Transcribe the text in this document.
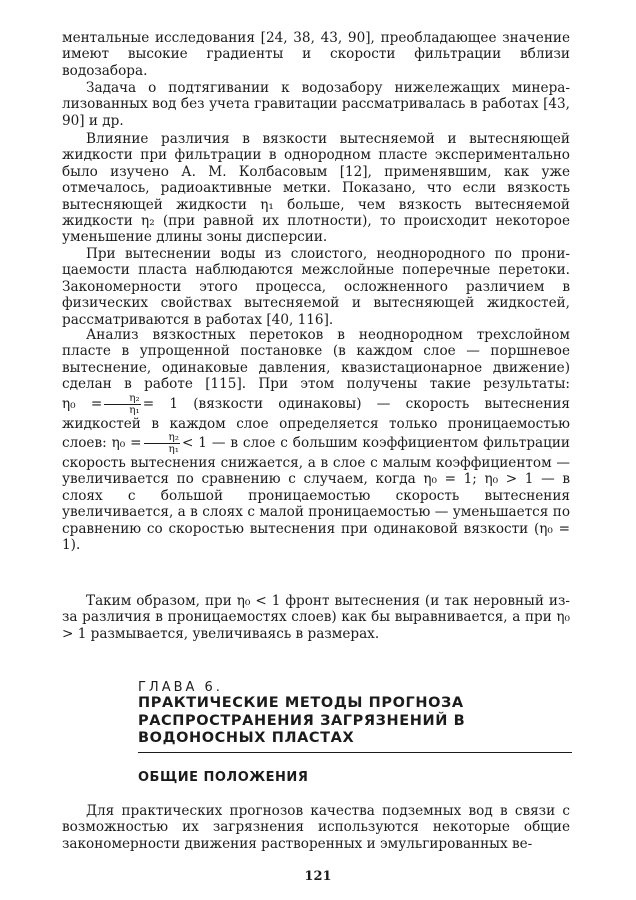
ментальные исследования [24, 38, 43, 90], преобладающее значение имеют высокие градиенты и скорости фильтрации вблизи водозабора.

Задача о подтягивании к водозабору нижележащих минерализованных вод без учета гравитации рассматривалась в работах [43, 90] и др.

Влияние различия в вязкости вытесняемой и вытесняющей жидкости при фильтрации в однородном пласте экспериментально было изучено А. М. Колбасовым [12], применявшим, как уже отмечалось, радиоактивные метки. Показано, что если вязкость вытесняющей жидкости η₁ больше, чем вязкость вытесняемой жидкости η₂ (при равной их плотности), то происходит некоторое уменьшение длины зоны дисперсии.

При вытеснении воды из слоистого, неоднородного по проницаемости пласта наблюдаются межслойные поперечные перетоки. Закономерности этого процесса, осложненного различием в физических свойствах вытесняемой и вытесняющей жидкостей, рассматриваются в работах [40, 116].

Анализ вязкостных перетоков в неоднородном трехслойном пласте в упрощенной постановке (в каждом слое — поршневое вытеснение, одинаковые давления, квазистационарное движение) сделан в работе [115]. При этом получены такие результаты: $\eta_0 = \frac{\text{η₂}}{\text{η₁}} = 1$ (вязкости одинаковы) — скорость вытеснения жидкостей в каждом слое определяется только проницаемостью слоев: $\eta_0 = \frac{\text{η₂}}{\text{η₁}} < 1$ — в слое с большим коэффициентом фильтрации скорость вытеснения снижается, а в слое с малым коэффициентом — увеличивается по сравнению с случаем, когда η₀ = 1; η₀ > 1 — в слоях с большой проницаемостью скорость вытеснения увеличивается, а в слоях с малой проницаемостью — уменьшается по сравнению со скоростью вытеснения при одинаковой вязкости (η₀ = 1).

Таким образом, при η₀ < 1 фронт вытеснения (и так неровный из-за различия в проницаемостях слоев) как бы выравнивается, а при η₀ > 1 размывается, увеличиваясь в размерах.

ГЛАВА 6.
ПРАКТИЧЕСКИЕ МЕТОДЫ ПРОГНОЗА РАСПРОСТРАНЕНИЯ ЗАГРЯЗНЕНИЙ В ВОДОНОСНЫХ ПЛАСТАХ
ОБЩИЕ ПОЛОЖЕНИЯ

Для практических прогнозов качества подземных вод в связи с возможностью их загрязнения используются некоторые общие закономерности движения растворенных и эмульгированных ве-

121
